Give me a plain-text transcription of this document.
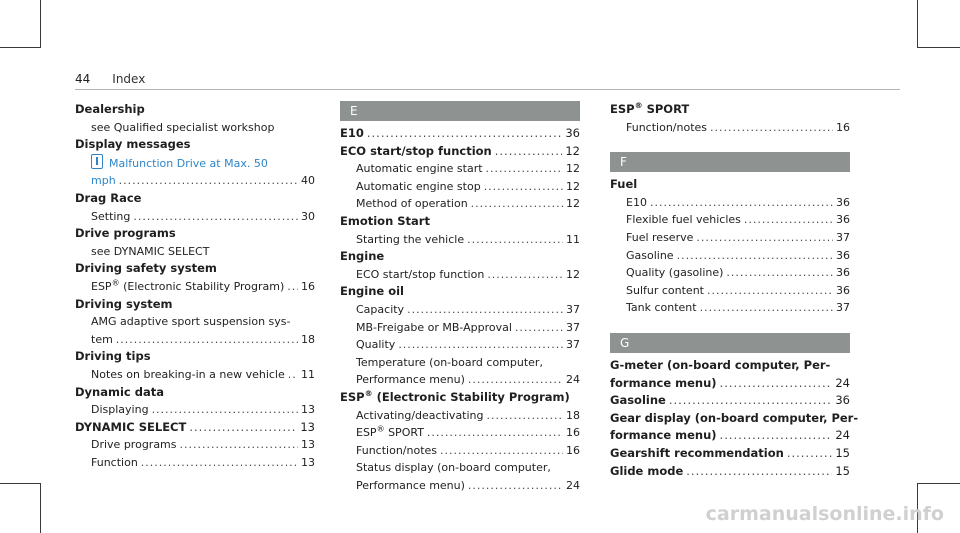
44 Index
Dealership
see Qualified specialist workshop
Display messages
Malfunction Drive at Max. 50
mph .....	40
Drag Race
Setting .....	30
Drive programs
see DYNAMIC SELECT
Driving safety system
ESP® (Electronic Stability Program) ..... 16
Driving system
AMG adaptive sport suspension sys-
tem .....	18
Driving tips
Notes on breaking-in a new vehicle ..... 11
Dynamic data
Displaying .....	13
DYNAMIC SELECT .....	13
Drive programs .....	13
Function .....	13
E
E10 .....	36
ECO start/stop function .....	12
Automatic engine start .....	12
Automatic engine stop .....	12
Method of operation .....	12
Emotion Start
Starting the vehicle .....	11
Engine
ECO start/stop function .....	12
Engine oil
Capacity .....	37
MB-Freigabe or MB-Approval .....	37
Quality .....	37
Temperature (on-board computer,
Performance menu) .....	24
ESP® (Electronic Stability Program)
Activating/deactivating .....	18
ESP® SPORT .....	16
Function/notes .....	16
Status display (on-board computer,
Performance menu) .....	24
ESP® SPORT
Function/notes .....	16
F
Fuel
E10 .....	36
Flexible fuel vehicles .....	36
Fuel reserve .....	37
Gasoline .....	36
Quality (gasoline) .....	36
Sulfur content .....	36
Tank content .....	37
G
G-meter (on-board computer, Per-
formance menu) .....	24
Gasoline .....	36
Gear display (on-board computer, Per-
formance menu) .....	24
Gearshift recommendation .....	15
Glide mode .....	15
carmanualsonline.info
